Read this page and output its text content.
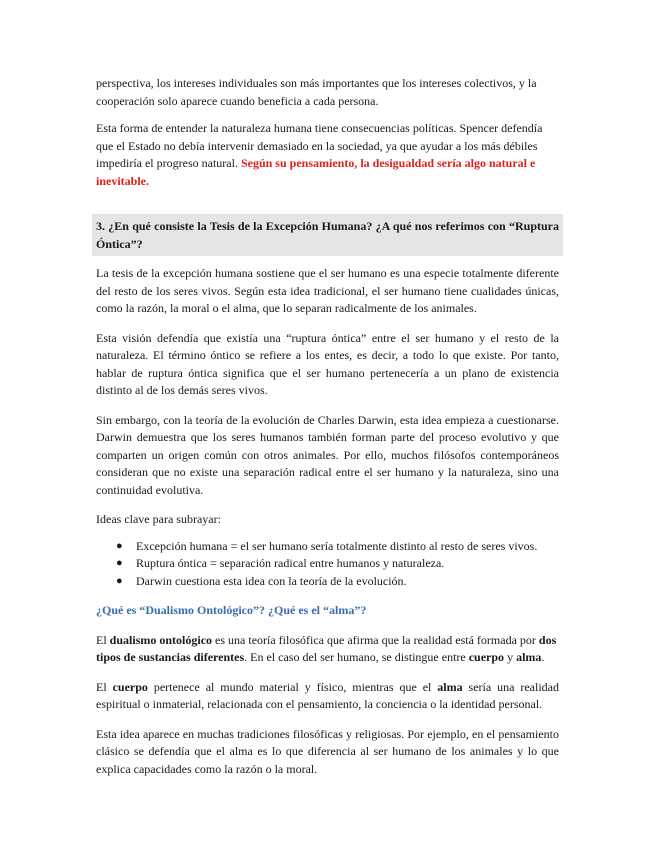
perspectiva, los intereses individuales son más importantes que los intereses colectivos, y la cooperación solo aparece cuando beneficia a cada persona.

Esta forma de entender la naturaleza humana tiene consecuencias políticas. Spencer defendía que el Estado no debía intervenir demasiado en la sociedad, ya que ayudar a los más débiles impediría el progreso natural. Según su pensamiento, la desigualdad sería algo natural e inevitable.

3. ¿En qué consiste la Tesis de la Excepción Humana? ¿A qué nos referimos con “Ruptura Óntica”?

La tesis de la excepción humana sostiene que el ser humano es una especie totalmente diferente del resto de los seres vivos. Según esta idea tradicional, el ser humano tiene cualidades únicas, como la razón, la moral o el alma, que lo separan radicalmente de los animales.

Esta visión defendía que existía una “ruptura óntica” entre el ser humano y el resto de la naturaleza. El término óntico se refiere a los entes, es decir, a todo lo que existe. Por tanto, hablar de ruptura óntica significa que el ser humano pertenecería a un plano de existencia distinto al de los demás seres vivos.

Sin embargo, con la teoría de la evolución de Charles Darwin, esta idea empieza a cuestionarse. Darwin demuestra que los seres humanos también forman parte del proceso evolutivo y que comparten un origen común con otros animales. Por ello, muchos filósofos contemporáneos consideran que no existe una separación radical entre el ser humano y la naturaleza, sino una continuidad evolutiva.

Ideas clave para subrayar:

● Excepción humana = el ser humano sería totalmente distinto al resto de seres vivos.
● Ruptura óntica = separación radical entre humanos y naturaleza.
● Darwin cuestiona esta idea con la teoría de la evolución.

¿Qué es “Dualismo Ontológico”? ¿Qué es el “alma”?

El dualismo ontológico es una teoría filosófica que afirma que la realidad está formada por dos tipos de sustancias diferentes. En el caso del ser humano, se distingue entre cuerpo y alma.

El cuerpo pertenece al mundo material y físico, mientras que el alma sería una realidad espiritual o inmaterial, relacionada con el pensamiento, la conciencia o la identidad personal.

Esta idea aparece en muchas tradiciones filosóficas y religiosas. Por ejemplo, en el pensamiento clásico se defendía que el alma es lo que diferencia al ser humano de los animales y lo que explica capacidades como la razón o la moral.
